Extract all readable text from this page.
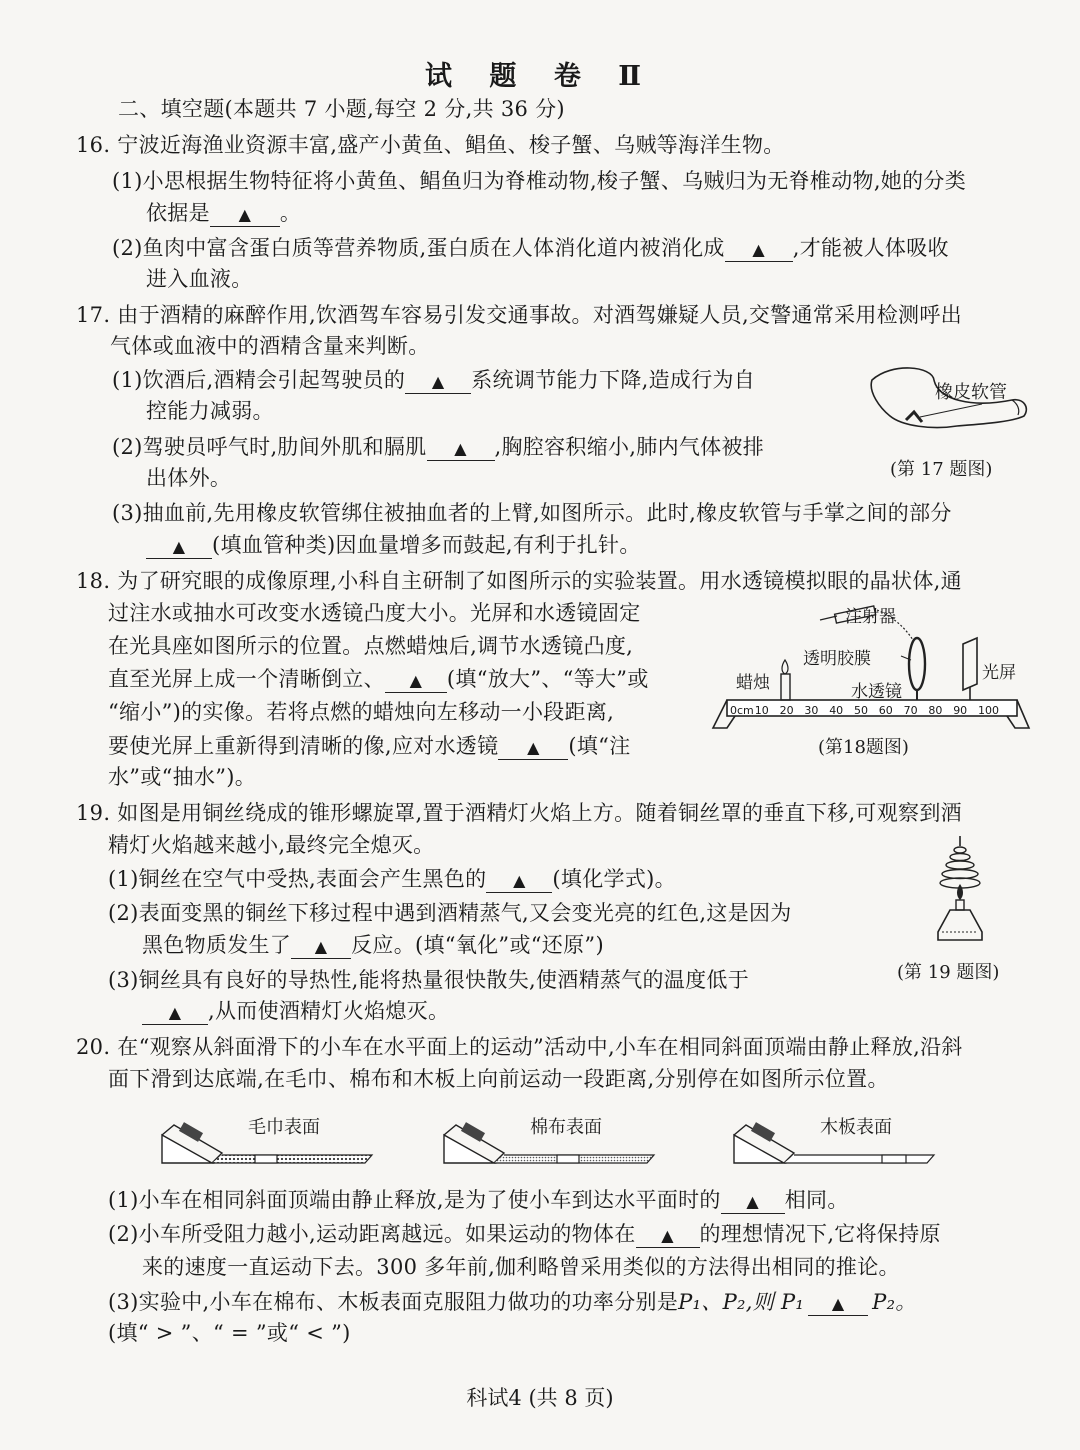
试 题 卷 Ⅱ
二、填空题(本题共 7 小题,每空 2 分,共 36 分)
16. 宁波近海渔业资源丰富,盛产小黄鱼、鲳鱼、梭子蟹、乌贼等海洋生物。
(1)小思根据生物特征将小黄鱼、鲳鱼归为脊椎动物,梭子蟹、乌贼归为无脊椎动物,她的分类
依据是 ▲ 。
(2)鱼肉中富含蛋白质等营养物质,蛋白质在人体消化道内被消化成 ▲ ,才能被人体吸收
进入血液。
17. 由于酒精的麻醉作用,饮酒驾车容易引发交通事故。对酒驾嫌疑人员,交警通常采用检测呼出
气体或血液中的酒精含量来判断。
(1)饮酒后,酒精会引起驾驶员的 ▲ 系统调节能力下降,造成行为自
控能力减弱。
(2)驾驶员呼气时,肋间外肌和膈肌 ▲ ,胸腔容积缩小,肺内气体被排
出体外。
(3)抽血前,先用橡皮软管绑住被抽血者的上臂,如图所示。此时,橡皮软管与手掌之间的部分
▲ (填血管种类)因血量增多而鼓起,有利于扎针。
橡皮软管
(第 17 题图)
18. 为了研究眼的成像原理,小科自主研制了如图所示的实验装置。用水透镜模拟眼的晶状体,通
过注水或抽水可改变水透镜凸度大小。光屏和水透镜固定
在光具座如图所示的位置。点燃蜡烛后,调节水透镜凸度,
直至光屏上成一个清晰倒立、 ▲ (填“放大”、“等大”或
“缩小”)的实像。若将点燃的蜡烛向左移动一小段距离,
要使光屏上重新得到清晰的像,应对水透镜 ▲ (填“注
水”或“抽水”)。
注射器
透明胶膜
蜡烛	水透镜
光屏
0cm 10 20 30 40 50 60 70 80 90 100
(第18题图)
19. 如图是用铜丝绕成的锥形螺旋罩,置于酒精灯火焰上方。随着铜丝罩的垂直下移,可观察到酒
精灯火焰越来越小,最终完全熄灭。
(1)铜丝在空气中受热,表面会产生黑色的 ▲ (填化学式)。
(2)表面变黑的铜丝下移过程中遇到酒精蒸气,又会变光亮的红色,这是因为
黑色物质发生了 ▲ 反应。(填“氧化”或“还原”)
(3)铜丝具有良好的导热性,能将热量很快散失,使酒精蒸气的温度低于
▲ ,从而使酒精灯火焰熄灭。
(第 19 题图)
20. 在“观察从斜面滑下的小车在水平面上的运动”活动中,小车在相同斜面顶端由静止释放,沿斜
面下滑到达底端,在毛巾、棉布和木板上向前运动一段距离,分别停在如图所示位置。
毛巾表面	棉布表面	木板表面
(1)小车在相同斜面顶端由静止释放,是为了使小车到达水平面时的 ▲ 相同。
(2)小车所受阻力越小,运动距离越远。如果运动的物体在 ▲ 的理想情况下,它将保持原
来的速度一直运动下去。300 多年前,伽利略曾采用类似的方法得出相同的推论。
(3)实验中,小车在棉布、木板表面克服阻力做功的功率分别是P₁、P₂,则 P₁ ▲ P₂。
(填“ > ”、“ = ”或“ < ”)
科试4 (共 8 页)
